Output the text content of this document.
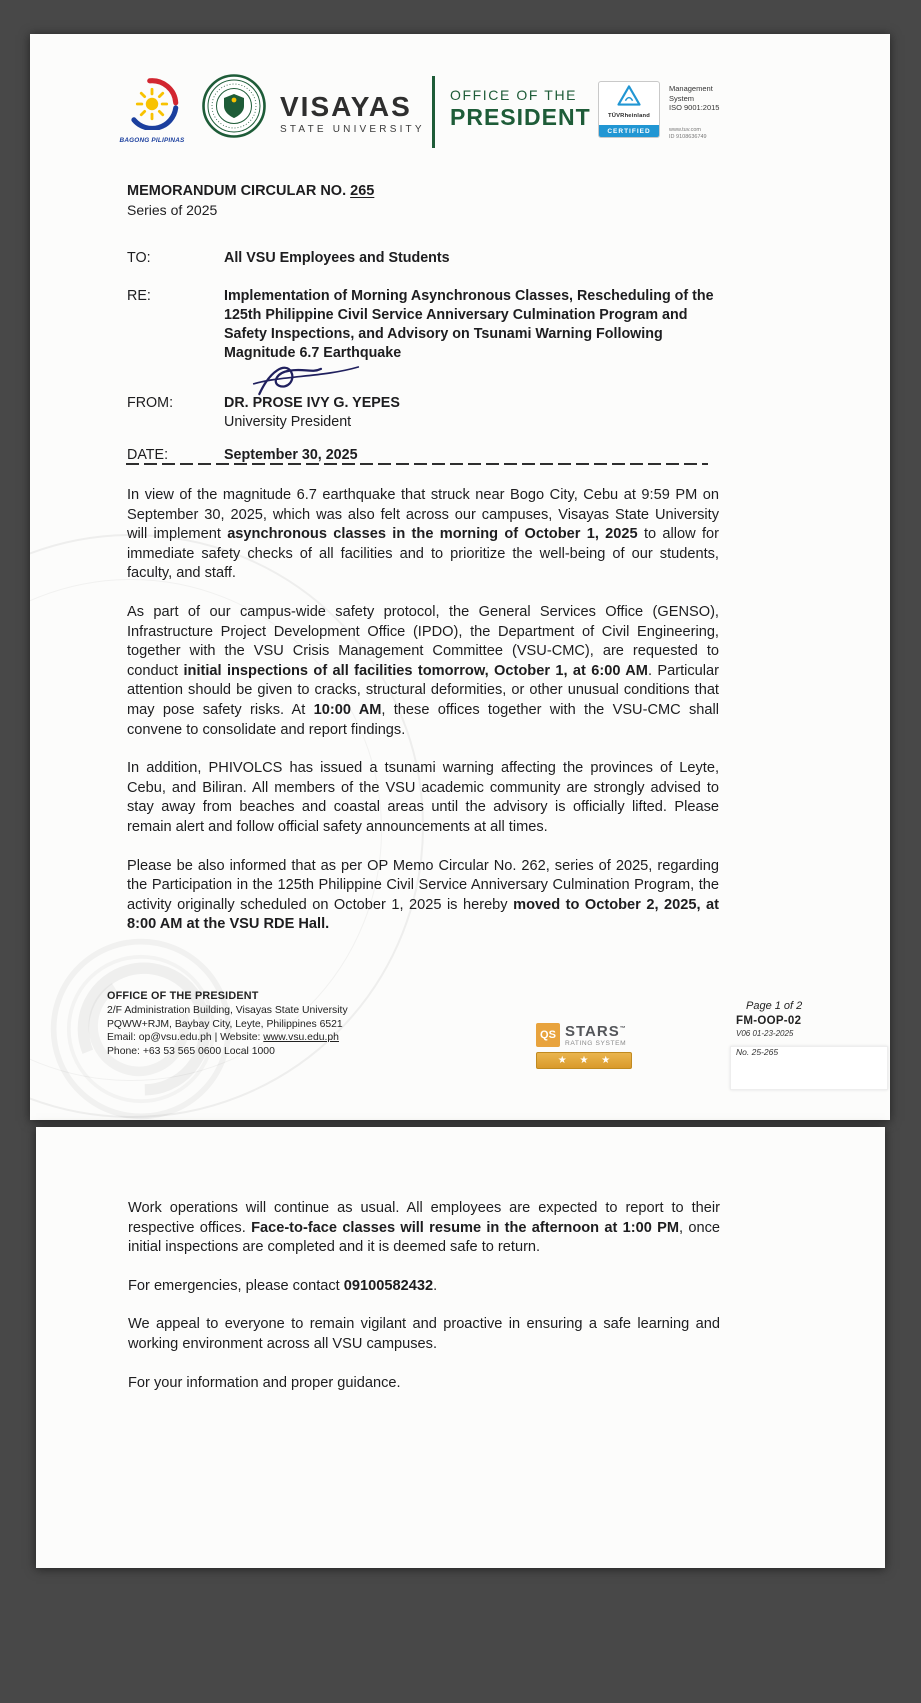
BAGONG PILIPINAS
VISAYAS
STATE UNIVERSITY
OFFICE OF THE
PRESIDENT	TÜVRheinland
CERTIFIED
Management
System
ISO 9001:2015
www.tuv.com
ID 9108636749
MEMORANDUM CIRCULAR NO. 265
Series of 2025
TO:	All VSU Employees and Students
RE:	Implementation of Morning Asynchronous Classes, Rescheduling of the 125th Philippine Civil Service Anniversary Culmination Program and Safety Inspections, and Advisory on Tsunami Warning Following Magnitude 6.7 Earthquake
FROM:	DR. PROSE IVY G. YEPES
University President
DATE:	September 30, 2025

In view of the magnitude 6.7 earthquake that struck near Bogo City, Cebu at 9:59 PM on September 30, 2025, which was also felt across our campuses, Visayas State University will implement asynchronous classes in the morning of October 1, 2025 to allow for immediate safety checks of all facilities and to prioritize the well-being of our students, faculty, and staff.

As part of our campus-wide safety protocol, the General Services Office (GENSO), Infrastructure Project Development Office (IPDO), the Department of Civil Engineering, together with the VSU Crisis Management Committee (VSU-CMC), are requested to conduct initial inspections of all facilities tomorrow, October 1, at 6:00 AM. Particular attention should be given to cracks, structural deformities, or other unusual conditions that may pose safety risks. At 10:00 AM, these offices together with the VSU-CMC shall convene to consolidate and report findings.

In addition, PHIVOLCS has issued a tsunami warning affecting the provinces of Leyte, Cebu, and Biliran. All members of the VSU academic community are strongly advised to stay away from beaches and coastal areas until the advisory is officially lifted. Please remain alert and follow official safety announcements at all times.

Please be also informed that as per OP Memo Circular No. 262, series of 2025, regarding the Participation in the 125th Philippine Civil Service Anniversary Culmination Program, the activity originally scheduled on October 1, 2025 is hereby moved to October 2, 2025, at 8:00 AM at the VSU RDE Hall.

OFFICE OF THE PRESIDENT
2/F Administration Building, Visayas State University
PQWW+RJM, Baybay City, Leyte, Philippines 6521
Email: op@vsu.edu.ph | Website: www.vsu.edu.ph
Phone: +63 53 565 0600 Local 1000
QS STARS™
RATING SYSTEM
★ ★ ★
Page 1 of 2
FM-OOP-02
V06 01-23-2025
No. 25-265

Work operations will continue as usual. All employees are expected to report to their respective offices. Face-to-face classes will resume in the afternoon at 1:00 PM, once initial inspections are completed and it is deemed safe to return.

For emergencies, please contact 09100582432.

We appeal to everyone to remain vigilant and proactive in ensuring a safe learning and working environment across all VSU campuses.

For your information and proper guidance.
